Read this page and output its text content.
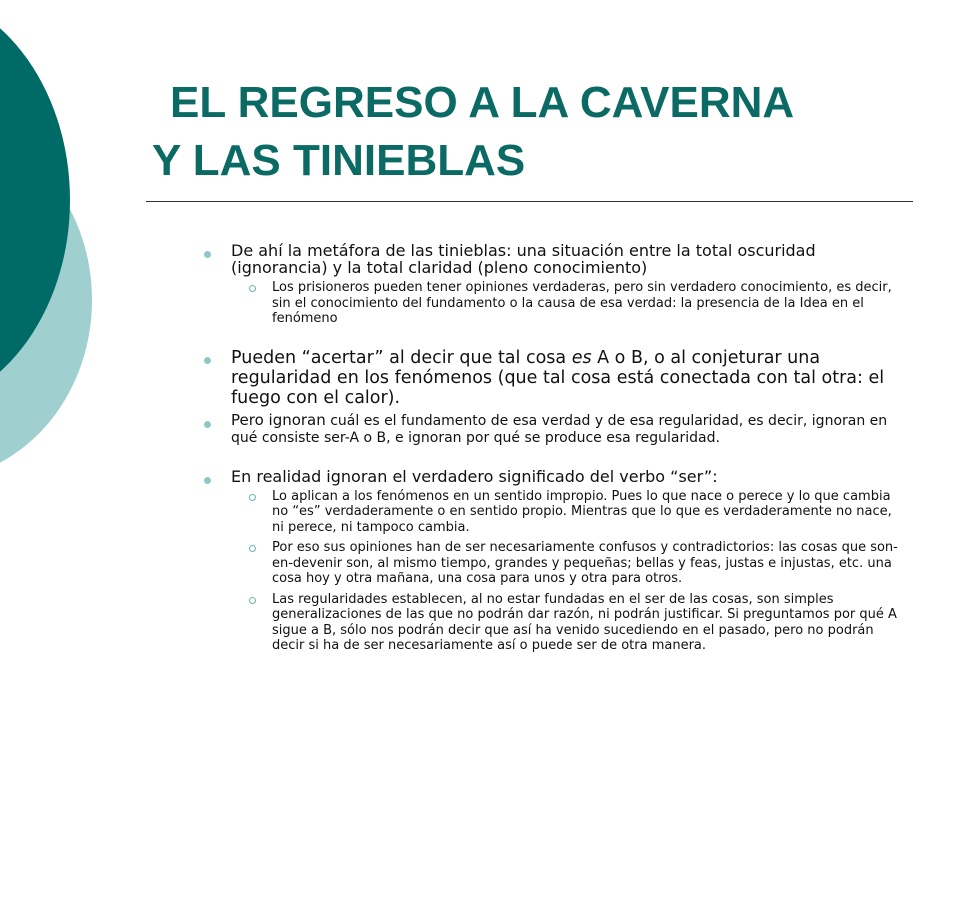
EL REGRESO A LA CAVERNA
Y LAS TINIEBLAS
De ahí la metáfora de las tinieblas: una situación entre la total oscuridad (ignorancia) y la total claridad (pleno conocimiento)
Los prisioneros pueden tener opiniones verdaderas, pero sin verdadero conocimiento, es decir, sin el conocimiento del fundamento o la causa de esa verdad: la presencia de la Idea en el fenómeno
Pueden “acertar” al decir que tal cosa es A o B, o al conjeturar una regularidad en los fenómenos (que tal cosa está conectada con tal otra: el fuego con el calor).
Pero ignoran cuál es el fundamento de esa verdad y de esa regularidad, es decir, ignoran en qué consiste ser-A o B, e ignoran por qué se produce esa regularidad.
En realidad ignoran el verdadero significado del verbo “ser”:
Lo aplican a los fenómenos en un sentido impropio. Pues lo que nace o perece y lo que cambia no “es” verdaderamente o en sentido propio. Mientras que lo que es verdaderamente no nace, ni perece, ni tampoco cambia.
Por eso sus opiniones han de ser necesariamente confusos y contradictorios: las cosas que son-en-devenir son, al mismo tiempo, grandes y pequeñas; bellas y feas, justas e injustas, etc. una cosa hoy y otra mañana, una cosa para unos y otra para otros.
Las regularidades establecen, al no estar fundadas en el ser de las cosas, son simples generalizaciones de las que no podrán dar razón, ni podrán justificar. Si preguntamos por qué A sigue a B, sólo nos podrán decir que así ha venido sucediendo en el pasado, pero no podrán decir si ha de ser necesariamente así o puede ser de otra manera.
